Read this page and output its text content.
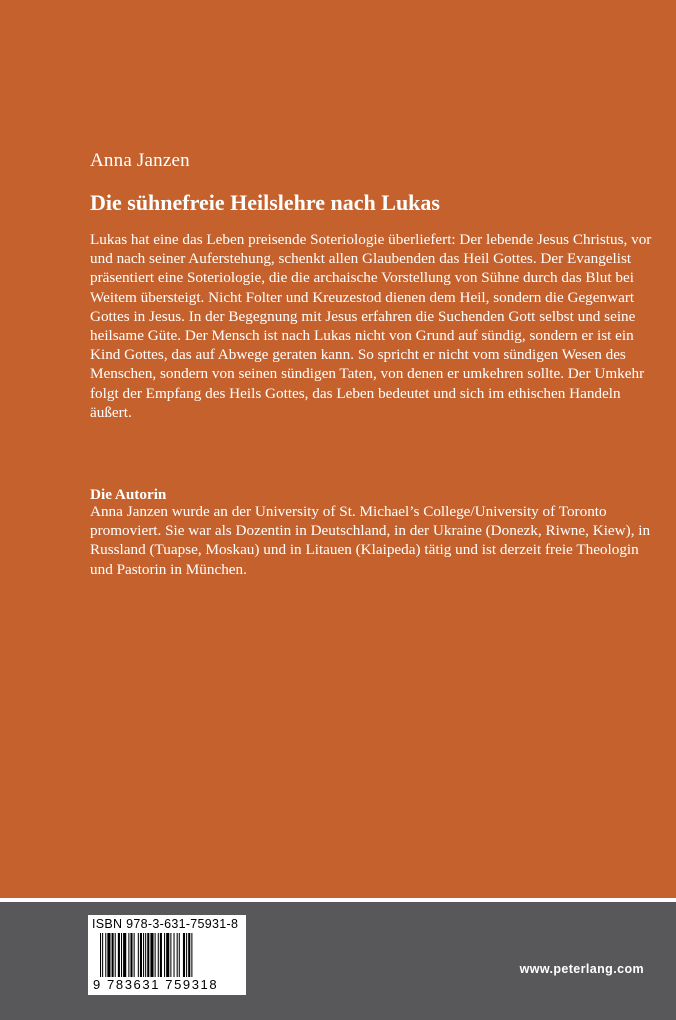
Anna Janzen
Die sühnefreie Heilslehre nach Lukas

Lukas hat eine das Leben preisende Soteriologie überliefert: Der lebende Jesus Christus, vor und nach seiner Auferstehung, schenkt allen Glaubenden das Heil Gottes. Der Evangelist präsentiert eine Soteriologie, die die archaische Vorstellung von Sühne durch das Blut bei Weitem übersteigt. Nicht Folter und Kreuzestod dienen dem Heil, sondern die Gegenwart Gottes in Jesus. In der Begegnung mit Jesus erfahren die Suchenden Gott selbst und seine heilsame Güte. Der Mensch ist nach Lukas nicht von Grund auf sündig, sondern er ist ein Kind Gottes, das auf Abwege geraten kann. So spricht er nicht vom sündigen Wesen des Menschen, sondern von seinen sündigen Taten, von denen er umkehren sollte. Der Umkehr folgt der Empfang des Heils Gottes, das Leben bedeutet und sich im ethischen Handeln äußert.

Die Autorin

Anna Janzen wurde an der University of St. Michael’s College/University of Toronto promoviert. Sie war als Dozentin in Deutschland, in der Ukraine (Donezk, Riwne, Kiew), in Russland (Tuapse, Moskau) und in Litauen (Klaipeda) tätig und ist derzeit freie Theologin und Pastorin in München.

ISBN 978-3-631-75931-8
9 783631 759318
www.peterlang.com
